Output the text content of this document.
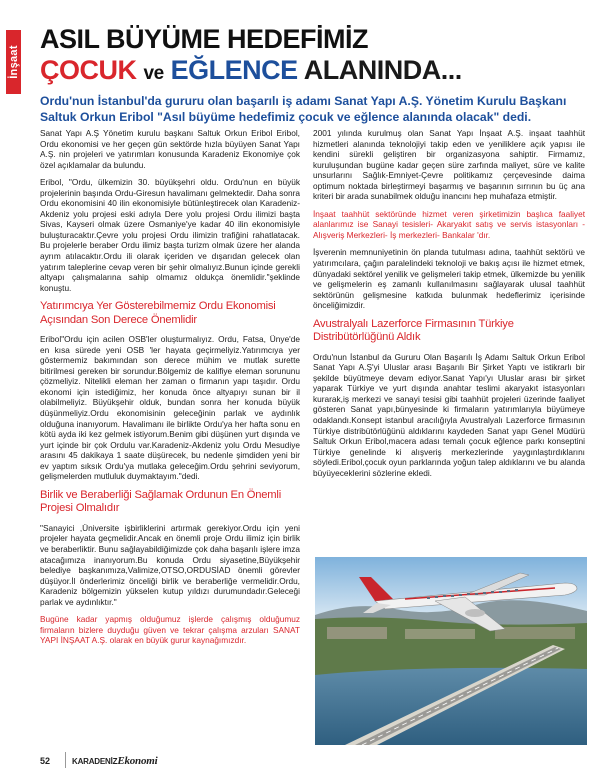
İnşaat
ASIL BÜYÜME HEDEFİMİZ
ÇOCUK ve EĞLENCE ALANINDA...

Ordu'nun İstanbul'da gururu olan başarılı iş adamı Sanat Yapı A.Ş. Yönetim Kurulu Başkanı Saltuk Orkun Eribol "Asıl büyüme hedefimiz çocuk ve eğlence alanında olacak" dedi.

Sanat Yapı A.Ş Yönetim kurulu başkanı Saltuk Orkun Eribol Eribol, Ordu ekonomisi ve her geçen gün sektörde hızla büyüyen Sanat Yapı A.Ş. nin projeleri ve yatırımları konusunda Karadeniz Ekonomiye çok özel açıklamalar da bulundu.

Eribol, "Ordu, ülkemizin 30. büyükşehri oldu. Ordu'nun en büyük projelerinin başında Ordu-Giresun havalimanı gelmektedir. Daha sonra Ordu ekonomisini 40 ilin ekonomisiyle bütünleştirecek olan Karadeniz-Akdeniz yolu projesi eski adıyla Dere yolu projesi Ordu ilimizi başta Sivas, Kayseri olmak üzere Osmaniye'ye kadar 40 ilin ekonomisiyle buluşturacaktır.Çevre yolu projesi Ordu ilimizin trafiğini rahatlatacak. Bu projelerle beraber Ordu ilimiz başta turizm olmak üzere her alanda ayrım atılacaktır.Ordu ili olarak içeriden ve dışarıdan gelecek olan yatırım taleplerine cevap veren bir şehir olmalıyız.Bunun içinde gerekli altyapı çalışmalarına sahip olmamız oldukça önemlidir."şeklinde konuştu.

Yatırımcıya Yer Gösterebilmemiz Ordu Ekonomisi Açısından Son Derece Önemlidir

Eribol"Ordu için acilen OSB'ler oluşturmalıyız. Ordu, Fatsa, Ünye'de en kısa sürede yeni OSB 'ler hayata geçirmeliyiz.Yatırımcıya yer göstermemiz bakımından son derece mühim ve mutlak surette bitirilmesi gereken bir sorundur.Bölgemiz de kalifiye eleman sorununu çözmeliyiz. Nitelikli eleman her zaman o firmanın yapı taşıdır. Ordu ekonomi için istediğimiz, her konuda önce altyapıyı sunan bir il olabilmeliyiz. Büyükşehir olduk, bundan sonra her konuda büyük düşünmeliyiz.Ordu ekonomisinin geleceğinin parlak ve aydınlık olduğuna inanıyorum. Havalimanı ile birlikte Ordu'ya her hafta sonu en kötü ayda iki kez gelmek istiyorum.Benim gibi düşünen yurt dışında ve yurt içinde bir çok Ordulu var.Karadeniz-Akdeniz yolu Ordu Mesudiye arasını 45 dakikaya 1 saate düşürecek, bu nedenle şimdiden yeni bir ev yaptım sıksık Ordu'ya mutlaka geleceğim.Ordu şehrini seviyorum, gelişmelerden mutluluk duymaktayım."dedi.

Birlik ve Beraberliği Sağlamak Ordunun En Önemli Projesi Olmalıdır

"Sanayici ,Üniversite işbirliklerini artırmak gerekiyor.Ordu için yeni projeler hayata geçmelidir.Ancak en önemli proje Ordu ilimiz için birlik ve beraberliktir. Bunu sağlayabildiğimizde çok daha başarılı işlere imza atacağımıza inanıyorum.Bu konuda Ordu siyasetine,Büyükşehir belediye başkanımıza,Valimize,OTSO,ORDUSİAD önemli görevler düşüyor.İl önderlerimiz önceliği birlik ve beraberliğe vermelidir.Ordu, Karadeniz bölgemizin yükselen kutup yıldızı durumundadır.Geleceği parlak ve aydınlıktır."

Bugüne kadar yapmış olduğumuz işlerde çalışmış olduğumuz firmaların bizlere duyduğu güven ve tekrar çalışma arzuları SANAT YAPI İNŞAAT A.Ş. olarak en büyük gurur kaynağımızdır.

2001 yılında kurulmuş olan Sanat Yapı İnşaat A.Ş. inşaat taahhüt hizmetleri alanında teknolojiyi takip eden ve yeniliklere açık yapısı ile kendini sürekli geliştiren bir organizasyona sahiptir. Firmamız, kuruluşundan bugüne kadar geçen süre zarfında maliyet, süre ve kalite unsurlarını Sağlık-Emniyet-Çevre politikamız çerçevesinde daima optimum noktada birleştirmeyi başarmış ve başarının sırrının bu üç ana kriteri bir arada sunabilmek olduğu inancını hep muhafaza etmiştir.

İnşaat taahhüt sektöründe hizmet veren şirketimizin başlıca faaliyet alanlarımız ise Sanayi tesisleri- Akaryakıt satış ve servis istasyonları - Alışveriş Merkezleri- İş merkezleri- Bankalar 'dır.

İşverenin memnuniyetinin ön planda tutulması adına, taahhüt sektörü ve yatırımcılara, çağın paralelindeki teknoloji ve bakış açısı ile hizmet etmek, dünyadaki sektörel yenilik ve gelişmeleri takip etmek, ülkemizde bu yenilik ve gelişmelerin eş zamanlı kullanılmasını sağlayarak ulusal taahhüt sektörünün gelişmesine katkıda bulunmak hedeflerimiz içerisinde önceliğimizdir.

Avustralyalı Lazerforce Firmasının Türkiye Distribütörlüğünü Aldık

Ordu'nun İstanbul da Gururu Olan Başarılı İş Adamı Saltuk Orkun Eribol Sanat Yapı A.Ş'yi Uluslar arası Başarılı Bir Şirket Yaptı ve istikrarlı bir şekilde büyütmeye devam ediyor.Sanat Yapı'yı Uluslar arası bir şirket yaparak Türkiye ve yurt dışında anahtar teslimi akaryakıt istasyonları kurarak,iş merkezi ve sanayi tesisi gibi taahhüt projeleri üzerinde faaliyet gösteren Sanat yapı,bünyesinde ki firmaların yatırımlarıyla büyümeye odaklandı.Konsept istanbul aracılığıyla Avustralyalı Lazerforce firmasının Türkiye distribütörlüğünü aldıklarını kaydeden Sanat yapı Genel Müdürü Saltuk Orkun Eribol,macera adası temalı çocuk eğlence parkı konseptini Türkiye genelinde ki alışveriş merkezlerinde yaygınlaştırdıklarını söyledi.Eribol,çocuk oyun parklarında yoğun talep aldıklarını ve bu alanda büyüyeceklerini sözlerine ekledi.

52	KARADENİZEkonomi
